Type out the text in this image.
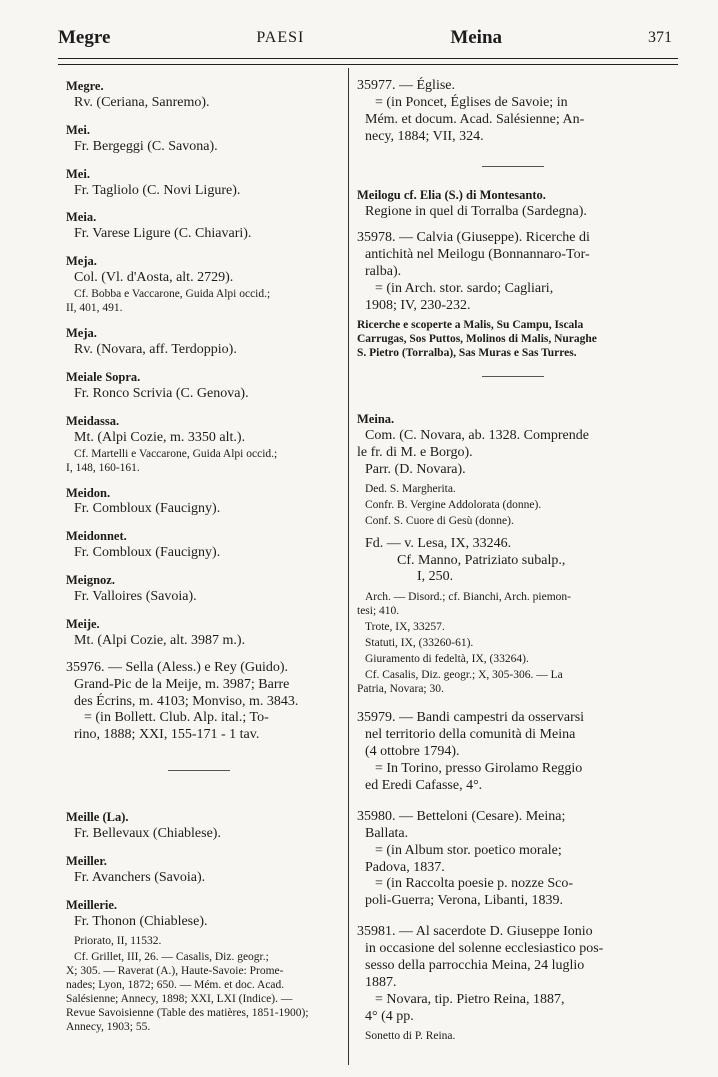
Megre	PAESI	Meina	371

Megre.

Rv. (Ceriana, Sanremo).

Mei.

Fr. Bergeggi (C. Savona).

Mei.

Fr. Tagliolo (C. Novi Ligure).

Meia.

Fr. Varese Ligure (C. Chiavari).

Meja.

Col. (Vl. d'Aosta, alt. 2729).

Cf. Bobba e Vaccarone, Guida Alpi occid.;

II, 401, 491.

Meja.

Rv. (Novara, aff. Terdoppio).

Meiale Sopra.

Fr. Ronco Scrivia (C. Genova).

Meidassa.

Mt. (Alpi Cozie, m. 3350 alt.).

Cf. Martelli e Vaccarone, Guida Alpi occid.;

I, 148, 160-161.

Meidon.

Fr. Combloux (Faucigny).

Meidonnet.

Fr. Combloux (Faucigny).

Meignoz.

Fr. Valloires (Savoia).

Meije.

Mt. (Alpi Cozie, alt. 3987 m.).

35976. — Sella (Aless.) e Rey (Guido).

Grand-Pic de la Meije, m. 3987; Barre

des Écrins, m. 4103; Monviso, m. 3843.

= (in Bollett. Club. Alp. ital.; To-

rino, 1888; XXI, 155-171 - 1 tav.

Meille (La).

Fr. Bellevaux (Chiablese).

Meiller.

Fr. Avanchers (Savoia).

Meillerie.

Fr. Thonon (Chiablese).

Priorato, II, 11532.

Cf. Grillet, III, 26. — Casalis, Diz. geogr.;

X; 305. — Raverat (A.), Haute-Savoie: Prome-

nades; Lyon, 1872; 650. — Mém. et doc. Acad.

Salésienne; Annecy, 1898; XXI, LXI (Indice). —

Revue Savoisienne (Table des matières, 1851-1900);

Annecy, 1903; 55.

35977. — Église.

= (in Poncet, Églises de Savoie; in

Mém. et docum. Acad. Salésienne; An-

necy, 1884; VII, 324.

Meilogu cf. Elia (S.) di Montesanto.

Regione in quel di Torralba (Sardegna).

35978. — Calvia (Giuseppe). Ricerche di

antichità nel Meilogu (Bonnannaro-Tor-

ralba).

= (in Arch. stor. sardo; Cagliari,

1908; IV, 230-232.

Ricerche e scoperte a Malis, Su Campu, Iscala

Carrugas, Sos Puttos, Molinos di Malis, Nuraghe

S. Pietro (Torralba), Sas Muras e Sas Turres.

Meina.

Com. (C. Novara, ab. 1328. Comprende

le fr. di M. e Borgo).

Parr. (D. Novara).

Ded. S. Margherita.

Confr. B. Vergine Addolorata (donne).

Conf. S. Cuore di Gesù (donne).

Fd. — v. Lesa, IX, 33246.

Cf. Manno, Patriziato subalp.,

I, 250.

Arch. — Disord.; cf. Bianchi, Arch. piemon-

tesi; 410.

Trote, IX, 33257.

Statuti, IX, (33260-61).

Giuramento di fedeltà, IX, (33264).

Cf. Casalis, Diz. geogr.; X, 305-306. — La

Patria, Novara; 30.

35979. — Bandi campestri da osservarsi

nel territorio della comunità di Meina

(4 ottobre 1794).

= In Torino, presso Girolamo Reggio

ed Eredi Cafasse, 4°.

35980. — Betteloni (Cesare). Meina;

Ballata.

= (in Album stor. poetico morale;

Padova, 1837.

= (in Raccolta poesie p. nozze Sco-

poli-Guerra; Verona, Libanti, 1839.

35981. — Al sacerdote D. Giuseppe Ionio

in occasione del solenne ecclesiastico pos-

sesso della parrocchia Meina, 24 luglio

1887.

= Novara, tip. Pietro Reina, 1887,

4° (4 pp.

Sonetto di P. Reina.
